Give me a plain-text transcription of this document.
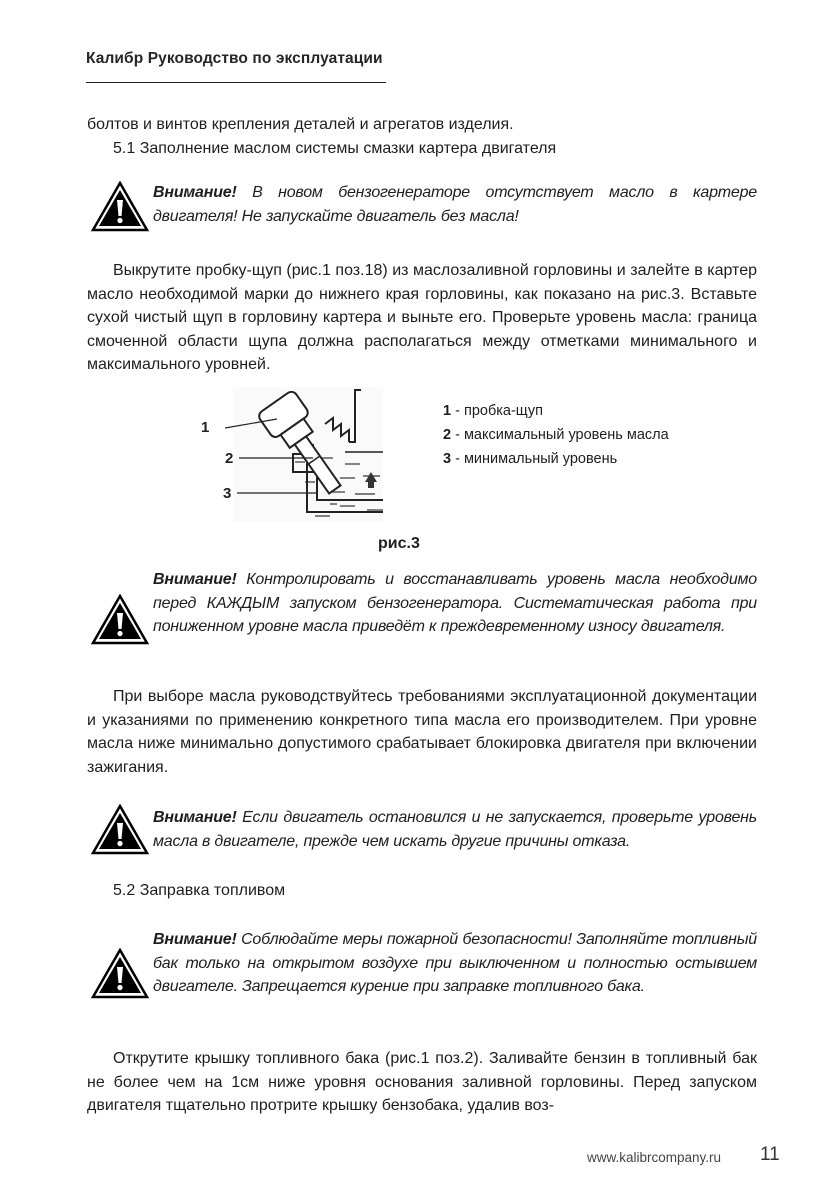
Калибр Руководство по эксплуатации

болтов и винтов крепления деталей и агрегатов изделия.

5.1 Заполнение маслом системы смазки картера двигателя

Внимание! В новом бензогенераторе отсутствует масло в картере двигателя! Не запускайте двигатель без масла!

Выкрутите пробку-щуп (рис.1 поз.18) из маслозаливной горловины и залейте в картер масло необходимой марки до нижнего края горловины, как показано на рис.3. Вставьте сухой чистый щуп в горловину картера и выньте его. Проверьте уровень масла: граница смоченной области щупа должна располагаться между отметками минимального и максимального уровней.

1
2
3
1 - пробка-щуп
2 - максимальный уровень масла
3 - минимальный уровень
рис.3
Внимание! Контролировать и восстанавливать уровень масла необходимо перед КАЖДЫМ запуском бензогенератора. Систематическая работа при пониженном уровне масла приведёт к преждевременному износу двигателя.

При выборе масла руководствуйтесь требованиями эксплуатационной документации и указаниями по применению конкретного типа масла его производителем. При уровне масла ниже минимально допустимого срабатывает блокировка двигателя при включении зажигания.

Внимание! Если двигатель остановился и не запускается, проверьте уровень масла в двигателе, прежде чем искать другие причины отказа.

5.2 Заправка топливом

Внимание! Соблюдайте меры пожарной безопасности! Заполняйте топливный бак только на открытом воздухе при выключенном и полностью остывшем двигателе. Запрещается курение при заправке топливного бака.

Открутите крышку топливного бака (рис.1 поз.2). Заливайте бензин в топливный бак не более чем на 1см ниже уровня основания заливной горловины. Перед запуском двигателя тщательно протрите крышку бензобака, удалив воз-

www.kalibrcompany.ru 11
